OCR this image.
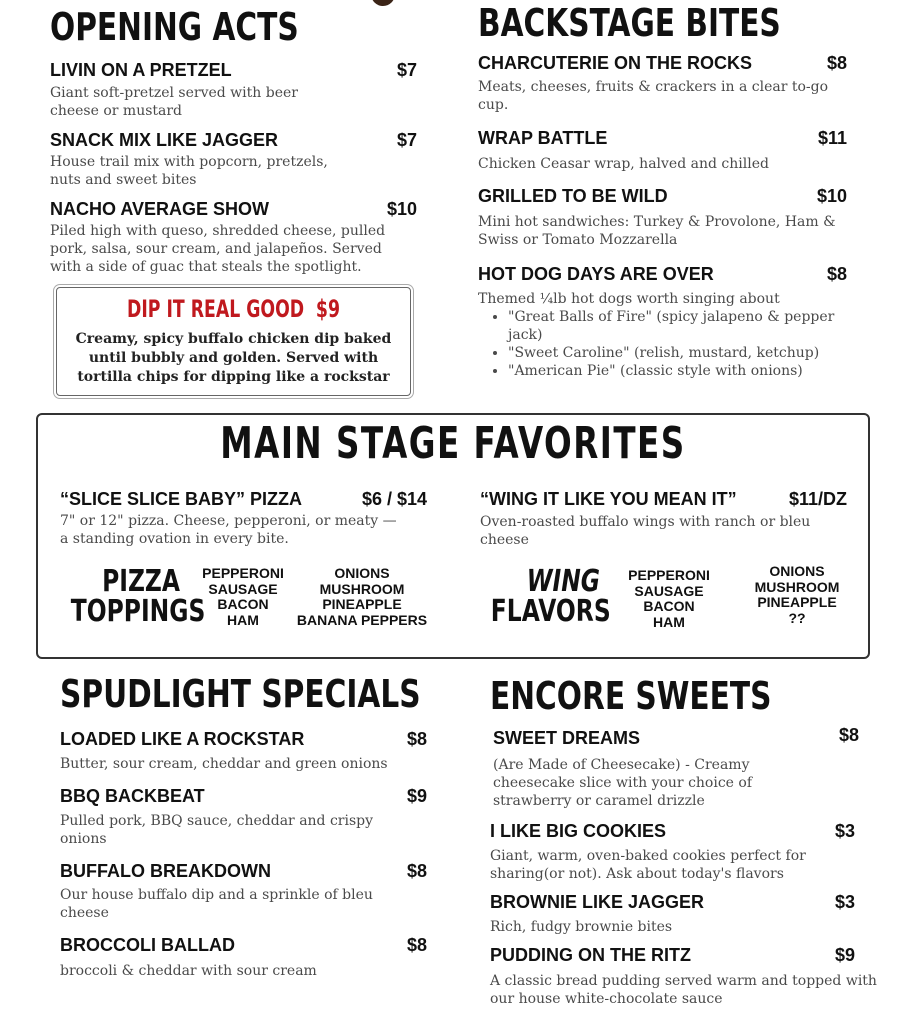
OPENING ACTS
LIVIN ON A PRETZEL	$7
Giant soft-pretzel served with beer cheese or mustard
SNACK MIX LIKE JAGGER	$7
House trail mix with popcorn, pretzels, nuts and sweet bites
NACHO AVERAGE SHOW	$10
Piled high with queso, shredded cheese, pulled pork, salsa, sour cream, and jalapeños. Served with a side of guac that steals the spotlight.
DIP IT REAL GOOD $9
Creamy, spicy buffalo chicken dip baked until bubbly and golden. Served with tortilla chips for dipping like a rockstar
BACKSTAGE BITES
CHARCUTERIE ON THE ROCKS	$8
Meats, cheeses, fruits & crackers in a clear to-go cup.
WRAP BATTLE	$11
Chicken Ceasar wrap, halved and chilled
GRILLED TO BE WILD	$10
Mini hot sandwiches: Turkey & Provolone, Ham & Swiss or Tomato Mozzarella
HOT DOG DAYS ARE OVER	$8
Themed ¼lb hot dogs worth singing about
• "Great Balls of Fire" (spicy jalapeno & pepper jack)
• "Sweet Caroline" (relish, mustard, ketchup)
• "American Pie" (classic style with onions)
MAIN STAGE FAVORITES
“SLICE SLICE BABY” PIZZA	$6 / $14
7" or 12" pizza. Cheese, pepperoni, or meaty — a standing ovation in every bite.
“WING IT LIKE YOU MEAN IT”	$11/DZ
Oven-roasted buffalo wings with ranch or bleu cheese
PIZZA
TOPPINGS
PEPPERONI
SAUSAGE
BACON
HAM
ONIONS
MUSHROOM
PINEAPPLE
BANANA PEPPERS
WING
FLAVORS
PEPPERONI
SAUSAGE
BACON
HAM
ONIONS
MUSHROOM
PINEAPPLE
??
SPUDLIGHT SPECIALS
LOADED LIKE A ROCKSTAR	$8
Butter, sour cream, cheddar and green onions
BBQ BACKBEAT	$9
Pulled pork, BBQ sauce, cheddar and crispy onions
BUFFALO BREAKDOWN	$8
Our house buffalo dip and a sprinkle of bleu cheese
BROCCOLI BALLAD	$8
broccoli & cheddar with sour cream
ENCORE SWEETS
SWEET DREAMS	$8
(Are Made of Cheesecake) - Creamy cheesecake slice with your choice of strawberry or caramel drizzle
I LIKE BIG COOKIES	$3
Giant, warm, oven-baked cookies perfect for sharing(or not). Ask about today's flavors
BROWNIE LIKE JAGGER	$3
Rich, fudgy brownie bites
PUDDING ON THE RITZ	$9
A classic bread pudding served warm and topped with our house white-chocolate sauce
